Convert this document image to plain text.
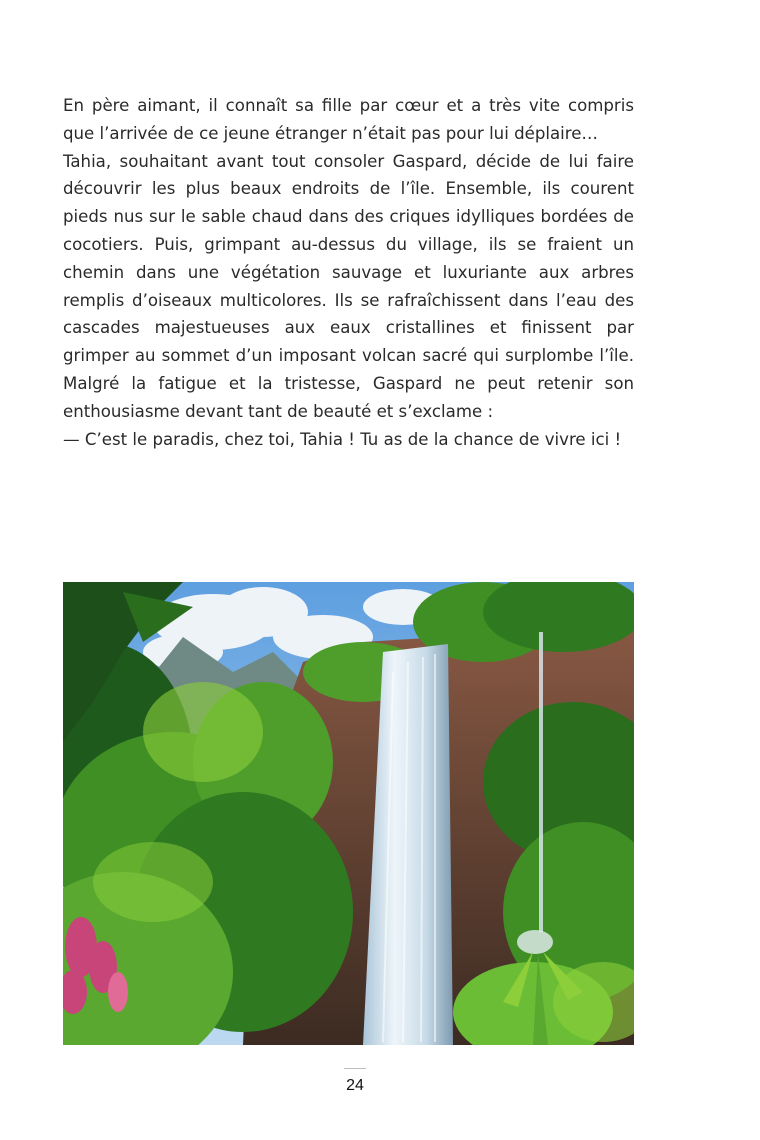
En père aimant, il connaît sa fille par cœur et a très vite compris que l’arrivée de ce jeune étranger n’était pas pour lui déplaire…

Tahia, souhaitant avant tout consoler Gaspard, décide de lui faire découvrir les plus beaux endroits de l’île. Ensemble, ils courent pieds nus sur le sable chaud dans des criques idylliques bordées de cocotiers. Puis, grimpant au-dessus du village, ils se fraient un chemin dans une végétation sauvage et luxuriante aux arbres remplis d’oiseaux multicolores. Ils se rafraîchissent dans l’eau des cascades majestueuses aux eaux cristallines et finissent par grimper au sommet d’un imposant volcan sacré qui surplombe l’île. Malgré la fatigue et la tristesse, Gaspard ne peut retenir son enthousiasme devant tant de beauté et s’exclame :

— C’est le paradis, chez toi, Tahia ! Tu as de la chance de vivre ici !

24
